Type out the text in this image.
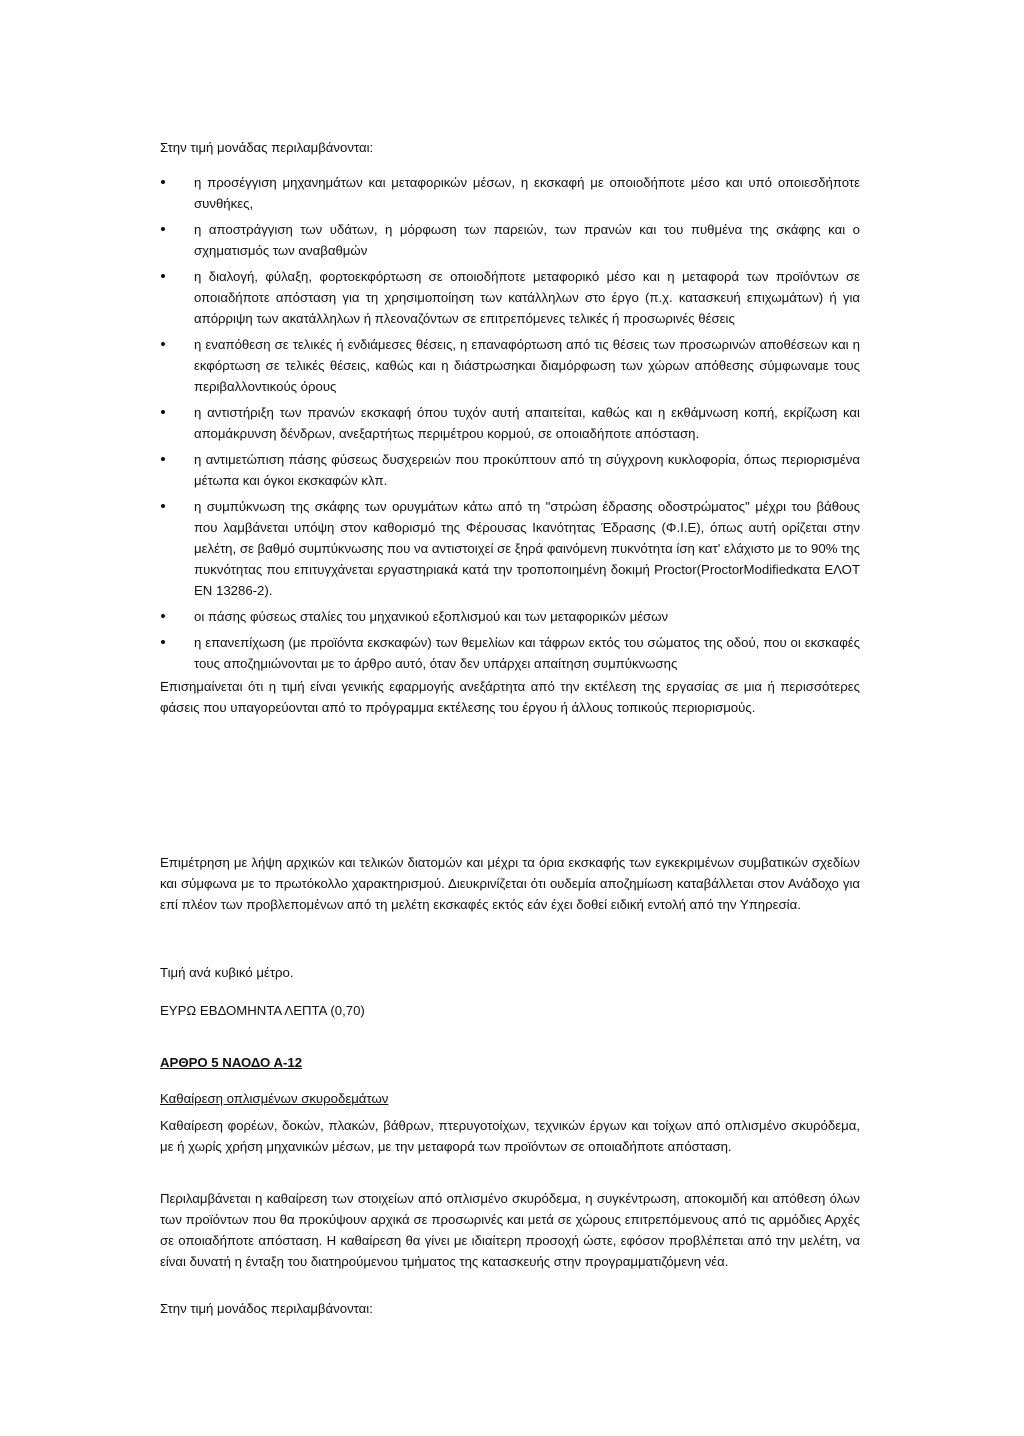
Στην τιμή μονάδας περιλαμβάνονται:

η προσέγγιση μηχανημάτων και μεταφορικών μέσων, η εκσκαφή με οποιοδήποτε μέσο και υπό οποιεσδήποτε συνθήκες,
η αποστράγγιση των υδάτων, η μόρφωση των παρειών, των πρανών και του πυθμένα της σκάφης και ο σχηματισμός των αναβαθμών
η διαλογή, φύλαξη, φορτοεκφόρτωση σε οποιοδήποτε μεταφορικό μέσο και η μεταφορά των προϊόντων σε οποιαδήποτε απόσταση για τη χρησιμοποίηση των κατάλληλων στο έργο (π.χ. κατασκευή επιχωμάτων) ή για απόρριψη των ακατάλληλων ή πλεοναζόντων σε επιτρεπόμενες τελικές ή προσωρινές θέσεις
η εναπόθεση σε τελικές ή ενδιάμεσες θέσεις, η επαναφόρτωση από τις θέσεις των προσωρινών αποθέσεων και η εκφόρτωση σε τελικές θέσεις, καθώς και η διάστρωσηκαι διαμόρφωση των χώρων απόθεσης σύμφωναμε τους περιβαλλοντικούς όρους
η αντιστήριξη των πρανών εκσκαφή όπου τυχόν αυτή απαιτείται, καθώς και η εκθάμνωση κοπή, εκρίζωση και απομάκρυνση δένδρων, ανεξαρτήτως περιμέτρου κορμού, σε οποιαδήποτε απόσταση.
η αντιμετώπιση πάσης φύσεως δυσχερειών που προκύπτουν από τη σύγχρονη κυκλοφορία, όπως περιορισμένα μέτωπα και όγκοι εκσκαφών κλπ.
η συμπύκνωση της σκάφης των ορυγμάτων κάτω από τη "στρώση έδρασης οδοστρώματος" μέχρι του βάθους που λαμβάνεται υπόψη στον καθορισμό της Φέρουσας Ικανότητας Έδρασης (Φ.Ι.Ε), όπως αυτή ορίζεται στην μελέτη, σε βαθμό συμπύκνωσης που να αντιστοιχεί σε ξηρά φαινόμενη πυκνότητα ίση κατ' ελάχιστο με το 90% της πυκνότητας που επιτυγχάνεται εργαστηριακά κατά την τροποποιημένη δοκιμή Proctor(ProctorModifiedκατα ΕΛΟΤ ΕΝ 13286-2).
οι πάσης φύσεως σταλίες του μηχανικού εξοπλισμού και των μεταφορικών μέσων
η επανεπίχωση (με προϊόντα εκσκαφών) των θεμελίων και τάφρων εκτός του σώματος της οδού, που οι εκσκαφές τους αποζημιώνονται με το άρθρο αυτό, όταν δεν υπάρχει απαίτηση συμπύκνωσης

Επισημαίνεται ότι η τιμή είναι γενικής εφαρμογής ανεξάρτητα από την εκτέλεση της εργασίας σε μια ή περισσότερες φάσεις που υπαγορεύονται από το πρόγραμμα εκτέλεσης του έργου ή άλλους τοπικούς περιορισμούς.

Επιμέτρηση με λήψη αρχικών και τελικών διατομών και μέχρι τα όρια εκσκαφής των εγκεκριμένων συμβατικών σχεδίων και σύμφωνα με το πρωτόκολλο χαρακτηρισμού. Διευκρινίζεται ότι ουδεμία αποζημίωση καταβάλλεται στον Ανάδοχο για επί πλέον των προβλεπομένων από τη μελέτη εκσκαφές εκτός εάν έχει δοθεί ειδική εντολή από την Υπηρεσία.

Τιμή ανά κυβικό μέτρο.

ΕΥΡΩ ΕΒΔΟΜΗΝΤΑ ΛΕΠΤΑ (0,70)

ΑΡΘΡΟ 5 ΝΑΟΔΟ Α-12

Καθαίρεση οπλισμένων σκυροδεμάτων

Καθαίρεση φορέων, δοκών, πλακών, βάθρων, πτερυγοτοίχων, τεχνικών έργων και τοίχων από οπλισμένο σκυρόδεμα, με ή χωρίς χρήση μηχανικών μέσων, με την μεταφορά των προϊόντων σε οποιαδήποτε απόσταση.

Περιλαμβάνεται η καθαίρεση των στοιχείων από οπλισμένο σκυρόδεμα, η συγκέντρωση, αποκομιδή και απόθεση όλων των προϊόντων που θα προκύψουν αρχικά σε προσωρινές και μετά σε χώρους επιτρεπόμενους από τις αρμόδιες Αρχές σε οποιαδήποτε απόσταση. Η καθαίρεση θα γίνει με ιδιαίτερη προσοχή ώστε, εφόσον προβλέπεται από την μελέτη, να είναι δυνατή η ένταξη του διατηρούμενου τμήματος της κατασκευής στην προγραμματιζόμενη νέα.

Στην τιμή μονάδος περιλαμβάνονται:
